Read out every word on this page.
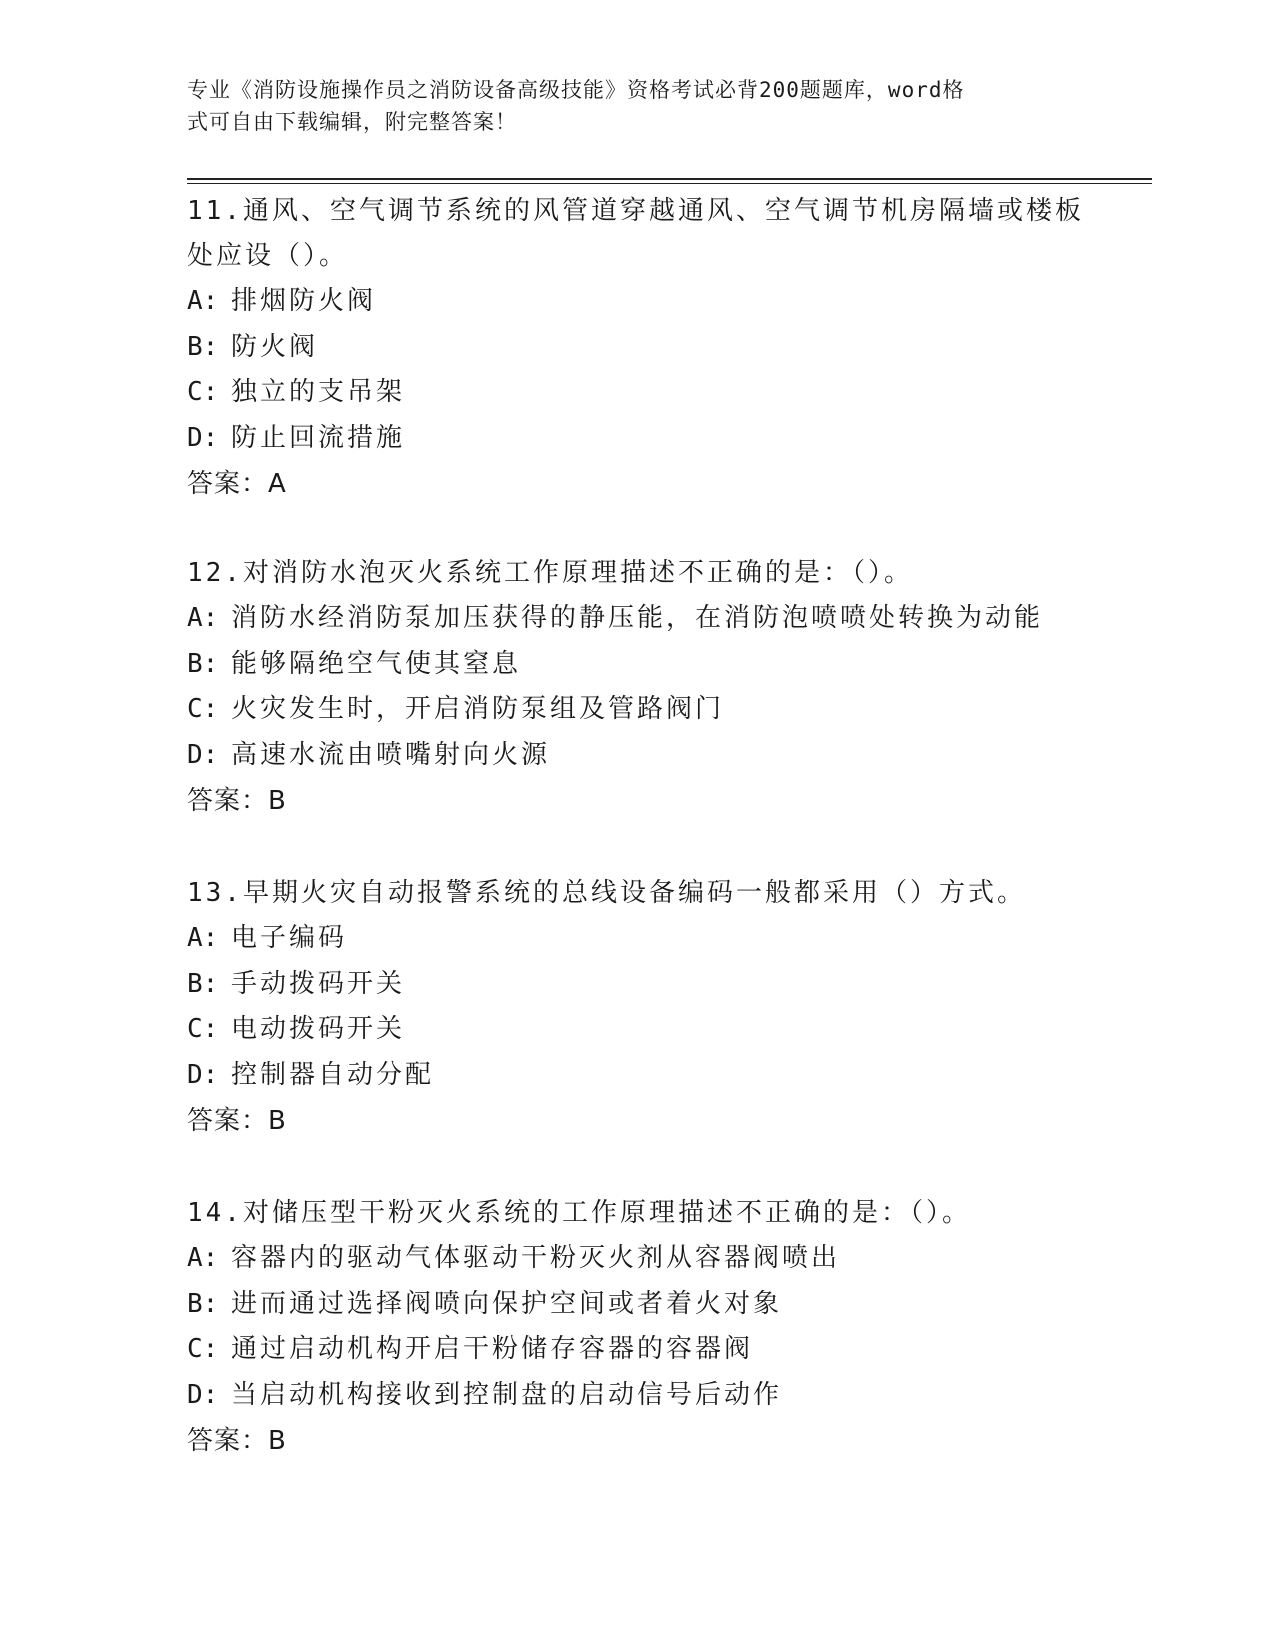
专业《消防设施操作员之消防设备高级技能》资格考试必背200题题库，word格
式可自由下载编辑，附完整答案！

11.通风、空气调节系统的风管道穿越通风、空气调节机房隔墙或楼板

处应设（）。

A: 排烟防火阀

B: 防火阀

C: 独立的支吊架

D: 防止回流措施

答案：A

12.对消防水泡灭火系统工作原理描述不正确的是：（）。

A: 消防水经消防泵加压获得的静压能，在消防泡喷喷处转换为动能

B: 能够隔绝空气使其窒息

C: 火灾发生时，开启消防泵组及管路阀门

D: 高速水流由喷嘴射向火源

答案：B

13.早期火灾自动报警系统的总线设备编码一般都采用（）方式。

A: 电子编码

B: 手动拨码开关

C: 电动拨码开关

D: 控制器自动分配

答案：B

14.对储压型干粉灭火系统的工作原理描述不正确的是：（）。

A: 容器内的驱动气体驱动干粉灭火剂从容器阀喷出

B: 进而通过选择阀喷向保护空间或者着火对象

C: 通过启动机构开启干粉储存容器的容器阀

D: 当启动机构接收到控制盘的启动信号后动作

答案：B
